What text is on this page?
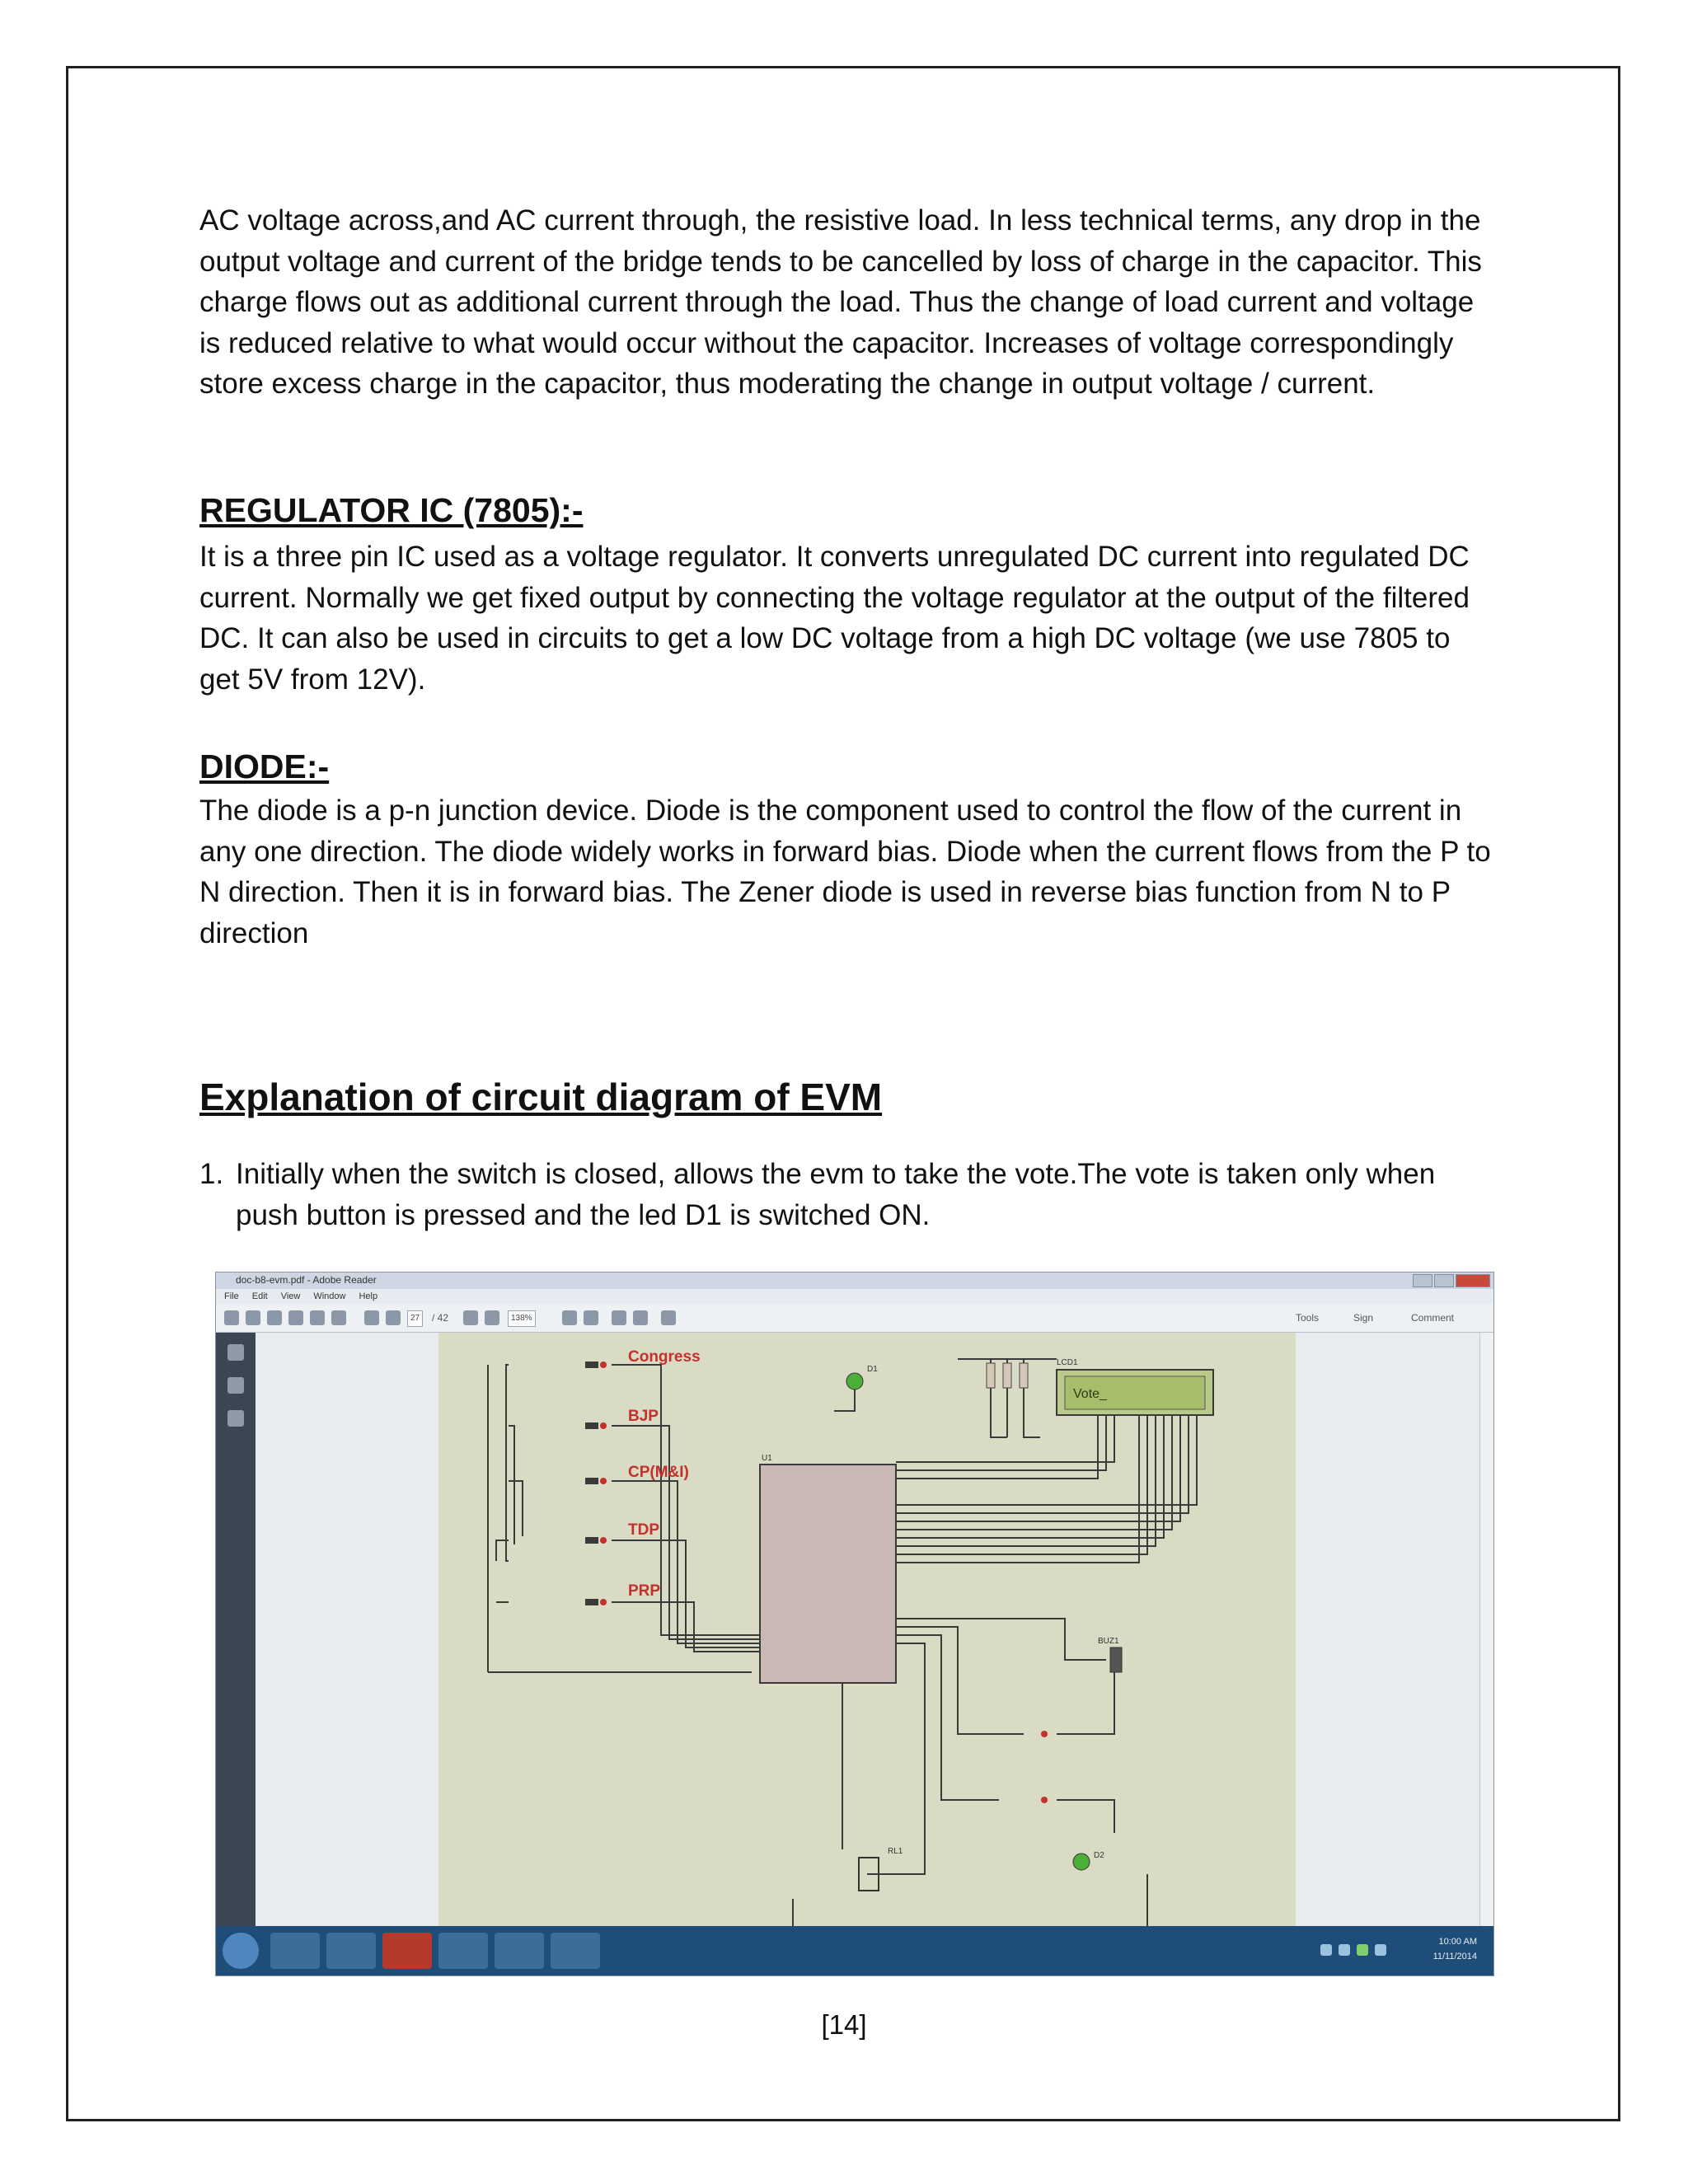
AC voltage across,and AC current through, the resistive load. In less technical terms, any drop in the output voltage and current of the bridge tends to be cancelled by loss of charge in the capacitor. This charge flows out as additional current through the load. Thus the change of load current and voltage is reduced relative to what would occur without the capacitor. Increases of voltage correspondingly store excess charge in the capacitor, thus moderating the change in output voltage / current.

REGULATOR IC (7805):-

It is a three pin IC used as a voltage regulator. It converts unregulated DC current into regulated DC current. Normally we get fixed output by connecting the voltage regulator at the output of the filtered DC. It can also be used in circuits to get a low DC voltage from a high DC voltage (we use 7805 to get 5V from 12V).

DIODE:-

The diode is a p-n junction device. Diode is the component used to control the flow of the current in any one direction. The diode widely works in forward bias. Diode when the current flows from the P to N direction. Then it is in forward bias. The Zener diode is used in reverse bias function from N to P direction

Explanation of circuit diagram of EVM
1. Initially when the switch is closed, allows the evm to take the vote.The vote is taken only when push button is pressed and the led D1 is switched ON.
doc-b8-evm.pdf - Adobe Reader
File Edit View Window Help
27	/ 42	138%	Tools	Sign	Comment
Congress
BJP
CP(M&I)
TDP
PRP
LCD1
U1
D1
D2
BUZ1
RL1
Vote_
10:00 AM
11/11/2014
[14]
